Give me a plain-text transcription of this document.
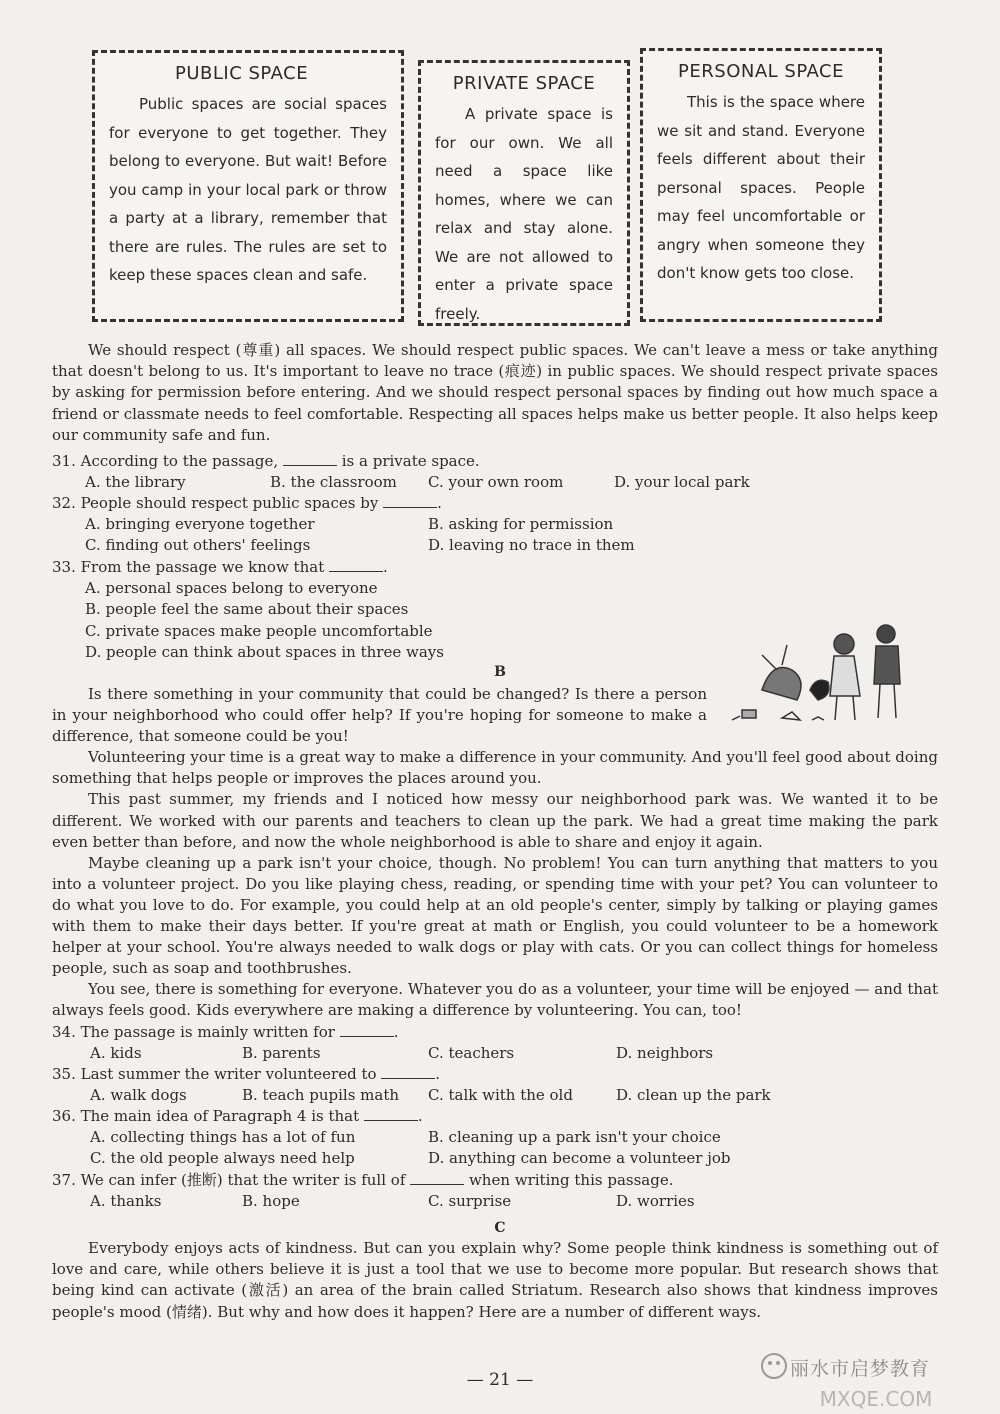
PUBLIC SPACE

Public spaces are social spaces for everyone to get together. They belong to everyone. But wait! Before you camp in your local park or throw a party at a library, remember that there are rules. The rules are set to keep these spaces clean and safe.

PRIVATE SPACE

A private space is for our own. We all need a space like homes, where we can relax and stay alone. We are not allowed to enter a private space freely.

PERSONAL SPACE

This is the space where we sit and stand. Everyone feels different about their personal spaces. People may feel uncomfortable or angry when someone they don't know gets too close.

We should respect (尊重) all spaces. We should respect public spaces. We can't leave a mess or take anything that doesn't belong to us. It's important to leave no trace (痕迹) in public spaces. We should respect private spaces by asking for permission before entering. And we should respect personal spaces by finding out how much space a friend or classmate needs to feel comfortable. Respecting all spaces helps make us better people. It also helps keep our community safe and fun.

31. According to the passage,	is a private space.
A. the library	B. the classroom C. your own room	D. your local park
32. People should respect public spaces by	.
A. bringing everyone together	B. asking for permission
C. finding out others' feelings	D. leaving no trace in them
33. From the passage we know that	.
A. personal spaces belong to everyone
B. people feel the same about their spaces
C. private spaces make people uncomfortable
D. people can think about spaces in three ways
B

Is there something in your community that could be changed? Is there a person in your neighborhood who could offer help? If you're hoping for someone to make a difference, that someone could be you!

Volunteering your time is a great way to make a difference in your community. And you'll feel good about doing something that helps people or improves the places around you.

This past summer, my friends and I noticed how messy our neighborhood park was. We wanted it to be different. We worked with our parents and teachers to clean up the park. We had a great time making the park even better than before, and now the whole neighborhood is able to share and enjoy it again.

Maybe cleaning up a park isn't your choice, though. No problem! You can turn anything that matters to you into a volunteer project. Do you like playing chess, reading, or spending time with your pet? You can volunteer to do what you love to do. For example, you could help at an old people's center, simply by talking or playing games with them to make their days better. If you're great at math or English, you could volunteer to be a homework helper at your school. You're always needed to walk dogs or play with cats. Or you can collect things for homeless people, such as soap and toothbrushes.

You see, there is something for everyone. Whatever you do as a volunteer, your time will be enjoyed — and that always feels good. Kids everywhere are making a difference by volunteering. You can, too!

34. The passage is mainly written for	.
A. kids	B. parents	C. teachers	D. neighbors
35. Last summer the writer volunteered to	.
A. walk dogs	B. teach pupils math C. talk with the old	D. clean up the park
36. The main idea of Paragraph 4 is that	.
A. collecting things has a lot of fun	B. cleaning up a park isn't your choice
C. the old people always need help	D. anything can become a volunteer job
37. We can infer (推断) that the writer is full of	when writing this passage.
A. thanks	B. hope	C. surprise	D. worries
C

Everybody enjoys acts of kindness. But can you explain why? Some people think kindness is something out of love and care, while others believe it is just a tool that we use to become more popular. But research shows that being kind can activate (激活) an area of the brain called Striatum. Research also shows that kindness improves people's mood (情绪). But why and how does it happen? Here are a number of different ways.

— 21 —
MXQE.COM
丽水市启梦教育
